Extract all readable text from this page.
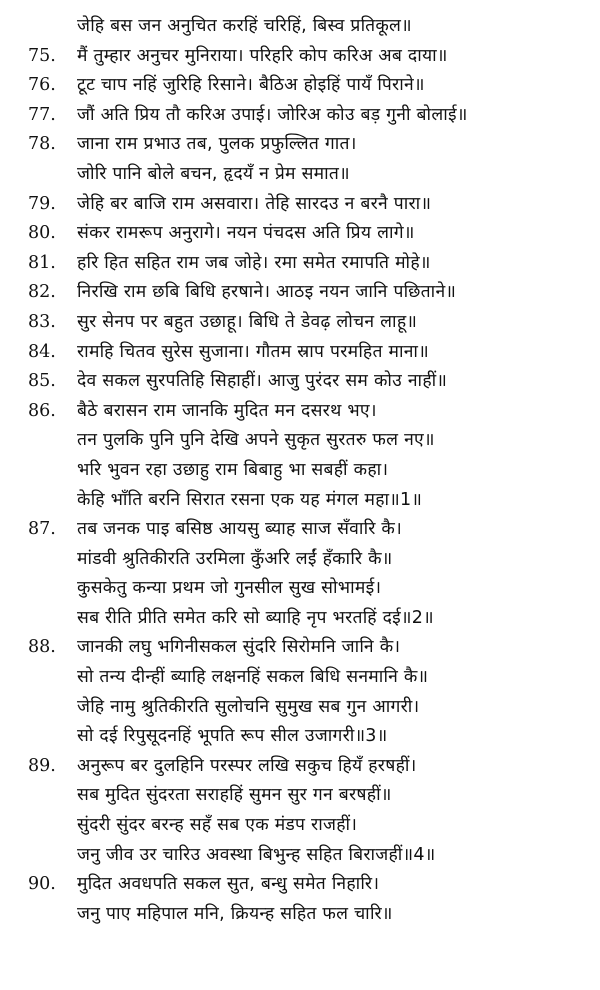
जेहि बस जन अनुचित करहिं चरिहिं, बिस्व प्रतिकूल॥
75.	मैं तुम्हार अनुचर मुनिराया। परिहरि कोप करिअ अब दाया॥
76.	टूट चाप नहिं जुरिहि रिसाने। बैठिअ होइहिं पायँ पिराने॥
77.	जौं अति प्रिय तौ करिअ उपाई। जोरिअ कोउ बड़ गुनी बोलाई॥
78.	जाना राम प्रभाउ तब, पुलक प्रफुल्लित गात।
जोरि पानि बोले बचन, हृदयँ न प्रेम समात॥
79.	जेहि बर बाजि राम असवारा। तेहि सारदउ न बरनै पारा॥
80.	संकर रामरूप अनुरागे। नयन पंचदस अति प्रिय लागे॥
81.	हरि हित सहित राम जब जोहे। रमा समेत रमापति मोहे॥
82.	निरखि राम छबि बिधि हरषाने। आठइ नयन जानि पछिताने॥
83.	सुर सेनप पर बहुत उछाहू। बिधि ते डेवढ़ लोचन लाहू॥
84.	रामहि चितव सुरेस सुजाना। गौतम स्राप परमहित माना॥
85.	देव सकल सुरपतिहि सिहाहीं। आजु पुरंदर सम कोउ नाहीं॥
86.	बैठे बरासन राम जानकि मुदित मन दसरथ भए।
तन पुलकि पुनि पुनि देखि अपने सुकृत सुरतरु फल नए॥
भरि भुवन रहा उछाहु राम बिबाहु भा सबहीं कहा।
केहि भाँति बरनि सिरात रसना एक यह मंगल महा॥1॥
87.	तब जनक पाइ बसिष्ठ आयसु ब्याह साज सँवारि कै।
मांडवी श्रुतिकीरति उरमिला कुँअरि लईं हँकारि कै॥
कुसकेतु कन्या प्रथम जो गुनसील सुख सोभामई।
सब रीति प्रीति समेत करि सो ब्याहि नृप भरतहिं दई॥2॥
88.	जानकी लघु भगिनीसकल सुंदरि सिरोमनि जानि कै।
सो तन्य दीन्हीं ब्याहि लक्षनहिं सकल बिधि सनमानि कै॥
जेहि नामु श्रुतिकीरति सुलोचनि सुमुख सब गुन आगरी।
सो दई रिपुसूदनहिं भूपति रूप सील उजागरी॥3॥
89.	अनुरूप बर दुलहिनि परस्पर लखि सकुच हियँ हरषहीं।
सब मुदित सुंदरता सराहहिं सुमन सुर गन बरषहीं॥
सुंदरी सुंदर बरन्ह सहँ सब एक मंडप राजहीं।
जनु जीव उर चारिउ अवस्था बिभुन्ह सहित बिराजहीं॥4॥
90.	मुदित अवधपति सकल सुत, बन्धु समेत निहारि।
जनु पाए महिपाल मनि, क्रियन्ह सहित फल चारि॥
